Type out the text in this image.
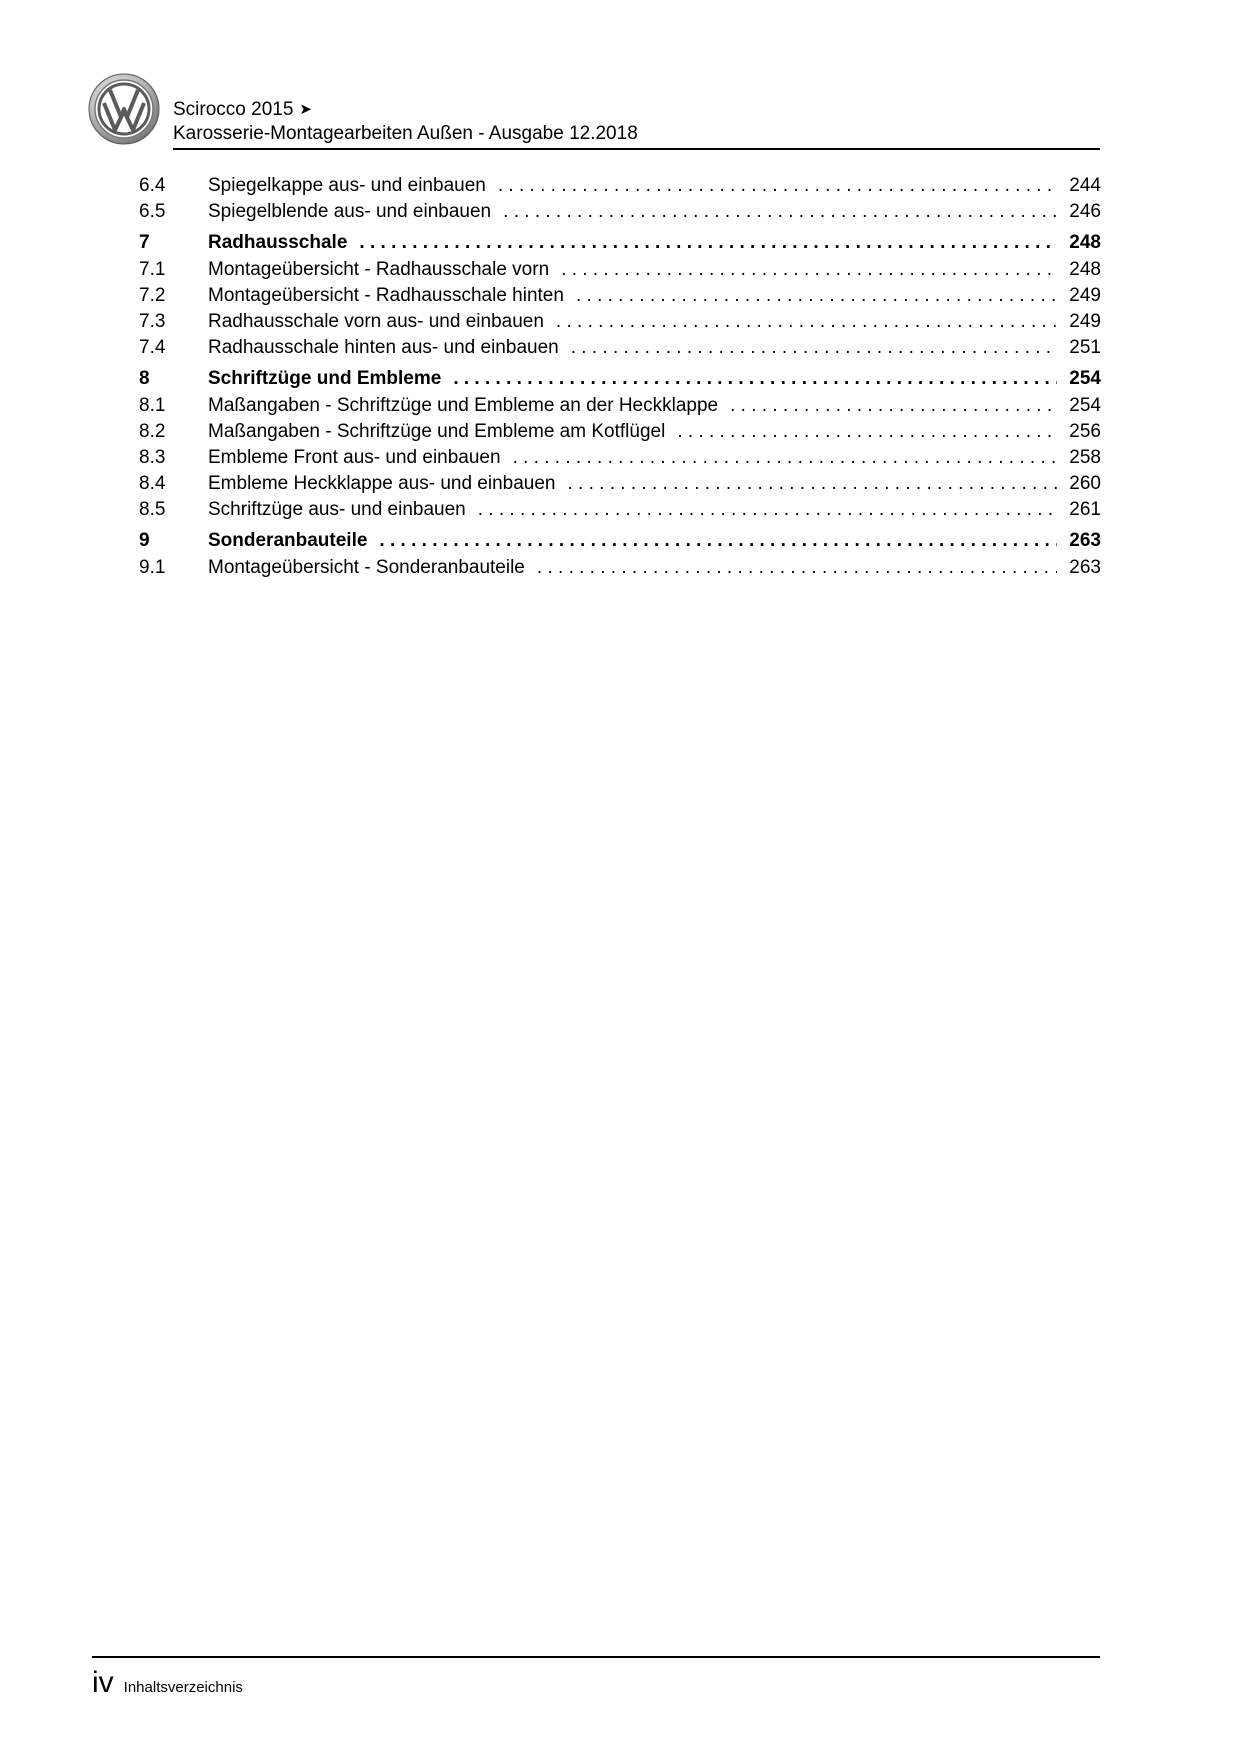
Scirocco 2015 ➤
Karosserie-Montagearbeiten Außen - Ausgabe 12.2018
6.4	Spiegelkappe aus- und einbauen . . .	244
6.5	Spiegelblende aus- und einbauen . . .	246
7	Radhausschale . . .	248
7.1	Montageübersicht - Radhausschale vorn . . .	248
7.2	Montageübersicht - Radhausschale hinten . . .	249
7.3	Radhausschale vorn aus- und einbauen . . .	249
7.4	Radhausschale hinten aus- und einbauen . . .	251
8	Schriftzüge und Embleme . . .	254
8.1	Maßangaben - Schriftzüge und Embleme an der Heckklappe . . .	254
8.2	Maßangaben - Schriftzüge und Embleme am Kotflügel . . .	256
8.3	Embleme Front aus- und einbauen . . .	258
8.4	Embleme Heckklappe aus- und einbauen . . .	260
8.5	Schriftzüge aus- und einbauen . . .	261
9	Sonderanbauteile . . .	263
9.1	Montageübersicht - Sonderanbauteile . . .	263
iv Inhaltsverzeichnis
